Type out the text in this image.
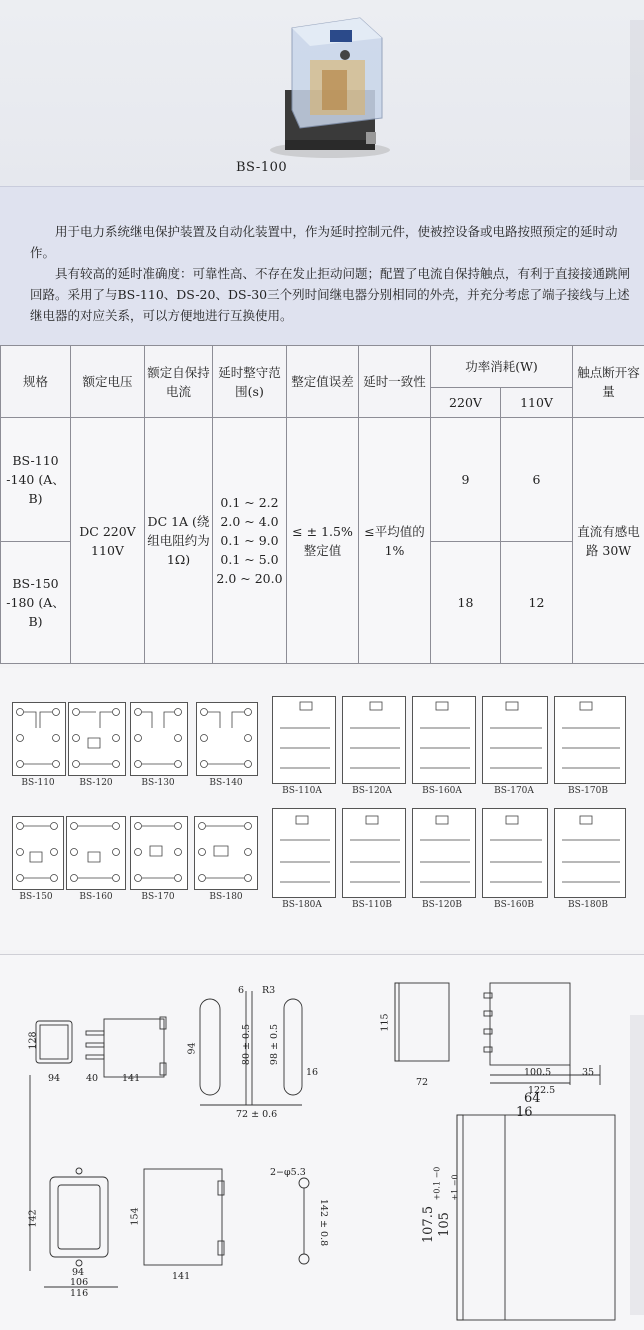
BS-100

用于电力系统继电保护装置及自动化装置中，作为延时控制元件，使被控设备或电路按照预定的延时动作。

具有较高的延时准确度：可靠性高、不存在发止拒动问题；配置了电流自保持触点，有利于直接接通跳闸回路。采用了与BS-110、DS-20、DS-30三个列时间继电器分别相同的外壳，并充分考虑了端子接线与上述继电器的对应关系，可以方便地进行互换使用。

规格	额定电压	额定自保持电流	延时整守范围(s)	整定值误差	延时一致性	功率消耗(W)		触点断开容量
						220V	110V	
BS-110 -140 (A、B)	DC 220V 110V	DC 1A (绕组电阻约为1Ω)	0.1 ~ 2.2 2.0 ~ 4.0 0.1 ~ 9.0 0.1 ~ 5.0 2.0 ~ 20.0	≤ ± 1.5% 整定值	≤平均值的 1%	9	6	直流有感电路 30W
BS-150 -180 (A、B)						18	12	
BS-110	BS-120	BS-130	BS-140
BS-150	BS-160	BS-170	BS-180
BS-110A	BS-120A	BS-160A	BS-170A	BS-170B
BS-180A	BS-110B	BS-120B	BS-160B	BS-180B
6 R3
128
94	40	141
94	80 ± 0.5 98 ± 0.5
16
72 ± 0.6
115
72
100.5	35
122.5
64
16
107.5
+0.1 −0
105
+1 −0
142
94
106
116
154
141
2−φ5.3
142 ± 0.8
